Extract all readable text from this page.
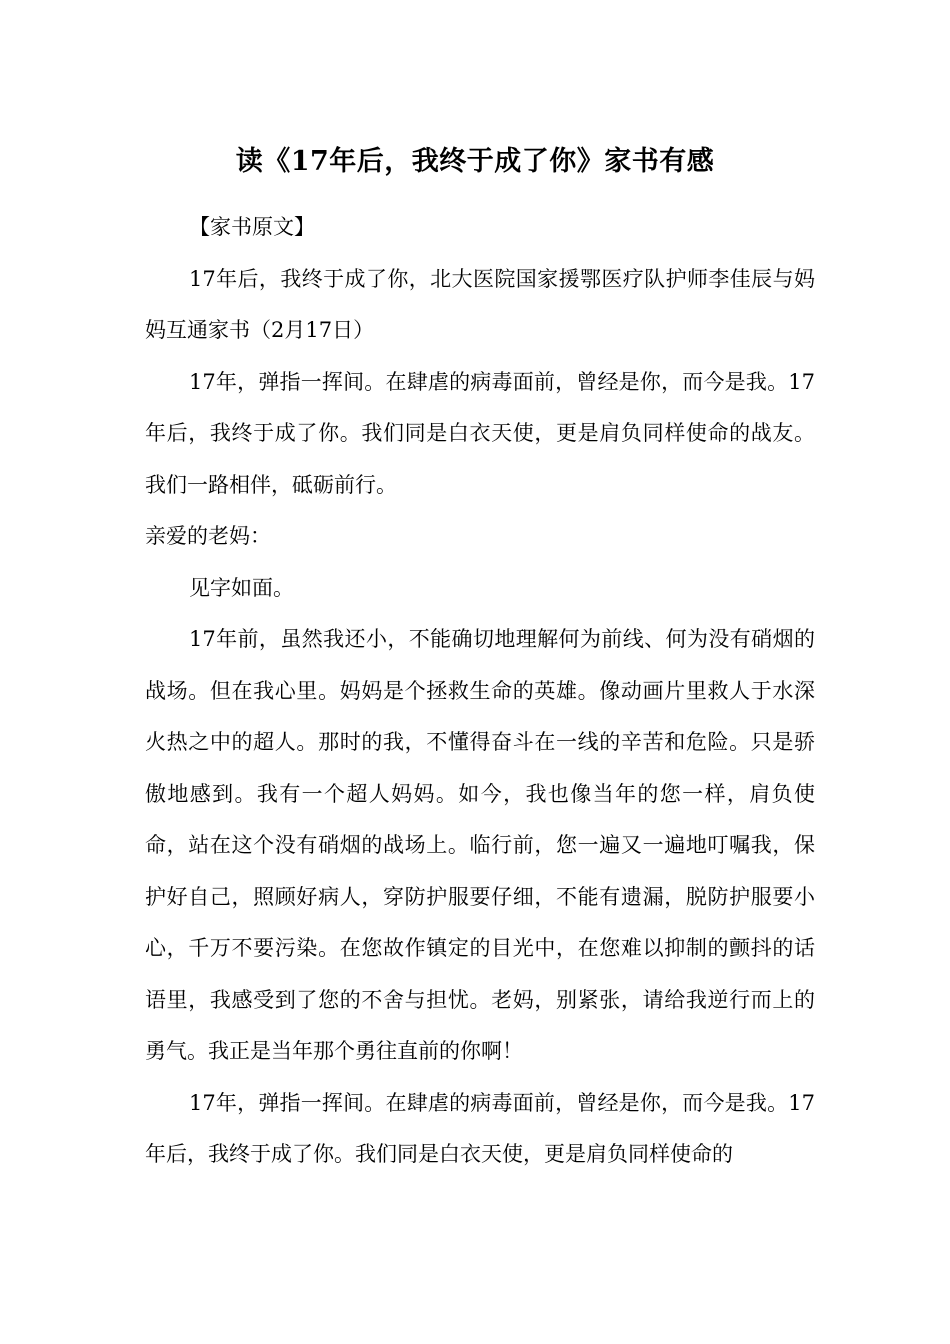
读《17年后，我终于成了你》家书有感

【家书原文】

17年后，我终于成了你，北大医院国家援鄂医疗队护师李佳辰与妈妈互通家书（2月17日）

17年，弹指一挥间。在肆虐的病毒面前，曾经是你，而今是我。17年后，我终于成了你。我们同是白衣天使，更是肩负同样使命的战友。我们一路相伴，砥砺前行。

亲爱的老妈：

见字如面。

17年前，虽然我还小，不能确切地理解何为前线、何为没有硝烟的战场。但在我心里。妈妈是个拯救生命的英雄。像动画片里救人于水深火热之中的超人。那时的我，不懂得奋斗在一线的辛苦和危险。只是骄傲地感到。我有一个超人妈妈。如今，我也像当年的您一样，肩负使命，站在这个没有硝烟的战场上。临行前，您一遍又一遍地叮嘱我，保护好自己，照顾好病人，穿防护服要仔细，不能有遗漏，脱防护服要小心，千万不要污染。在您故作镇定的目光中，在您难以抑制的颤抖的话语里，我感受到了您的不舍与担忧。老妈，别紧张，请给我逆行而上的勇气。我正是当年那个勇往直前的你啊！

17年，弹指一挥间。在肆虐的病毒面前，曾经是你，而今是我。17年后，我终于成了你。我们同是白衣天使，更是肩负同样使命的
